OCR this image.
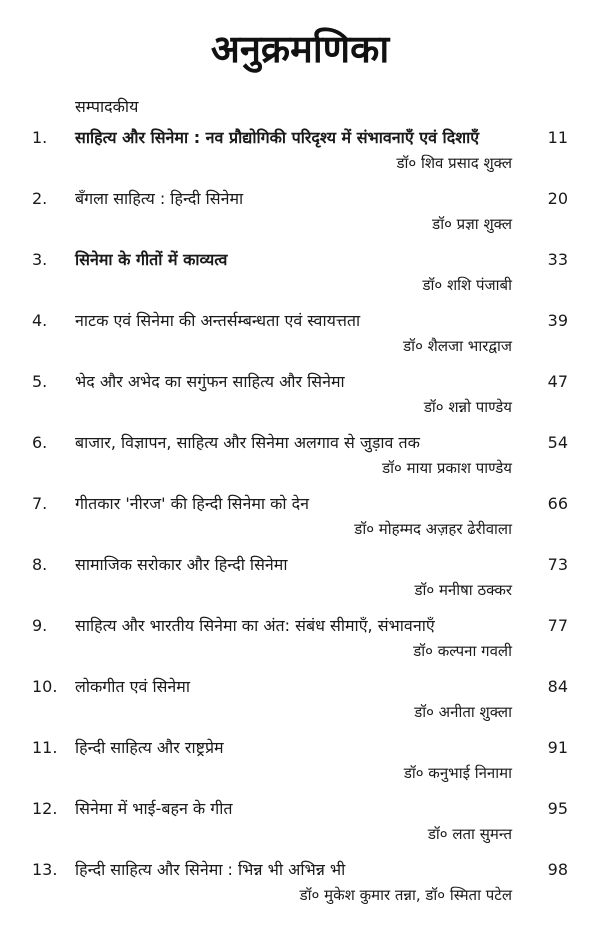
अनुक्रमणिका
सम्पादकीय
1. साहित्य और सिनेमा : नव प्रौद्योगिकी परिदृश्य में संभावनाएँ एवं दिशाएँ	11
डॉ० शिव प्रसाद शुक्ल
2. बँगला साहित्य : हिन्दी सिनेमा	20
डॉ० प्रज्ञा शुक्ल
3. सिनेमा के गीतों में काव्यत्व	33
डॉ० शशि पंजाबी
4. नाटक एवं सिनेमा की अन्तर्सम्बन्धता एवं स्वायत्तता	39
डॉ० शैलजा भारद्वाज
5. भेद और अभेद का सगुंफन साहित्य और सिनेमा	47
डॉ० शन्नो पाण्डेय
6. बाजार, विज्ञापन, साहित्य और सिनेमा अलगाव से जुड़ाव तक	54
डॉ० माया प्रकाश पाण्डेय
7. गीतकार 'नीरज' की हिन्दी सिनेमा को देन	66
डॉ० मोहम्मद अज़हर ढेरीवाला
8. सामाजिक सरोकार और हिन्दी सिनेमा	73
डॉ० मनीषा ठक्कर
9. साहित्य और भारतीय सिनेमा का अंत: संबंध सीमाएँ, संभावनाएँ	77
डॉ० कल्पना गवली
10. लोकगीत एवं सिनेमा	84
डॉ० अनीता शुक्ला
11. हिन्दी साहित्य और राष्ट्रप्रेम	91
डॉ० कनुभाई निनामा
12. सिनेमा में भाई-बहन के गीत	95
डॉ० लता सुमन्त
13. हिन्दी साहित्य और सिनेमा : भिन्न भी अभिन्न भी	98
डॉ० मुकेश कुमार तन्ना, डॉ० स्मिता पटेल
